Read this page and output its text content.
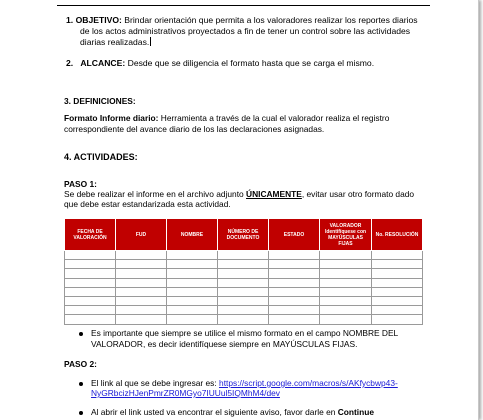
1. OBJETIVO: Brindar orientación que permita a los valoradores realizar los reportes diarios
de los actos administrativos proyectados a fin de tener un control sobre las actividades
diarias realizadas.
2. ALCANCE: Desde que se diligencia el formato hasta que se carga el mismo.
3. DEFINICIONES:
Formato Informe diario: Herramienta a través de la cual el valorador realiza el registro
correspondiente del avance diario de los las declaraciones asignadas.
4. ACTIVIDADES:
PASO 1:
Se debe realizar el informe en el archivo adjunto ÚNICAMENTE, evitar usar otro formato dado
que debe estar estandarizada esta actividad.
FECHA DE VALORACIÓN	FUD	NOMBRE	NÚMERO DE DOCUMENTO	ESTADO	VALORADOR Identifíquese con MAYÚSCULAS FIJAS	No. RESOLUCIÓN

Es importante que siempre se utilice el mismo formato en el campo NOMBRE DEL
VALORADOR, es decir identifíquese siempre en MAYÚSCULAS FIJAS.
PASO 2:
El link al que se debe ingresar es: https://script.google.com/macros/s/AKfycbwp43-
NyGRbcizHJenPmrZR0MGyo7IUUul5IQMhM4/dev
Al abrir el link usted va encontrar el siguiente aviso, favor darle en Continue
